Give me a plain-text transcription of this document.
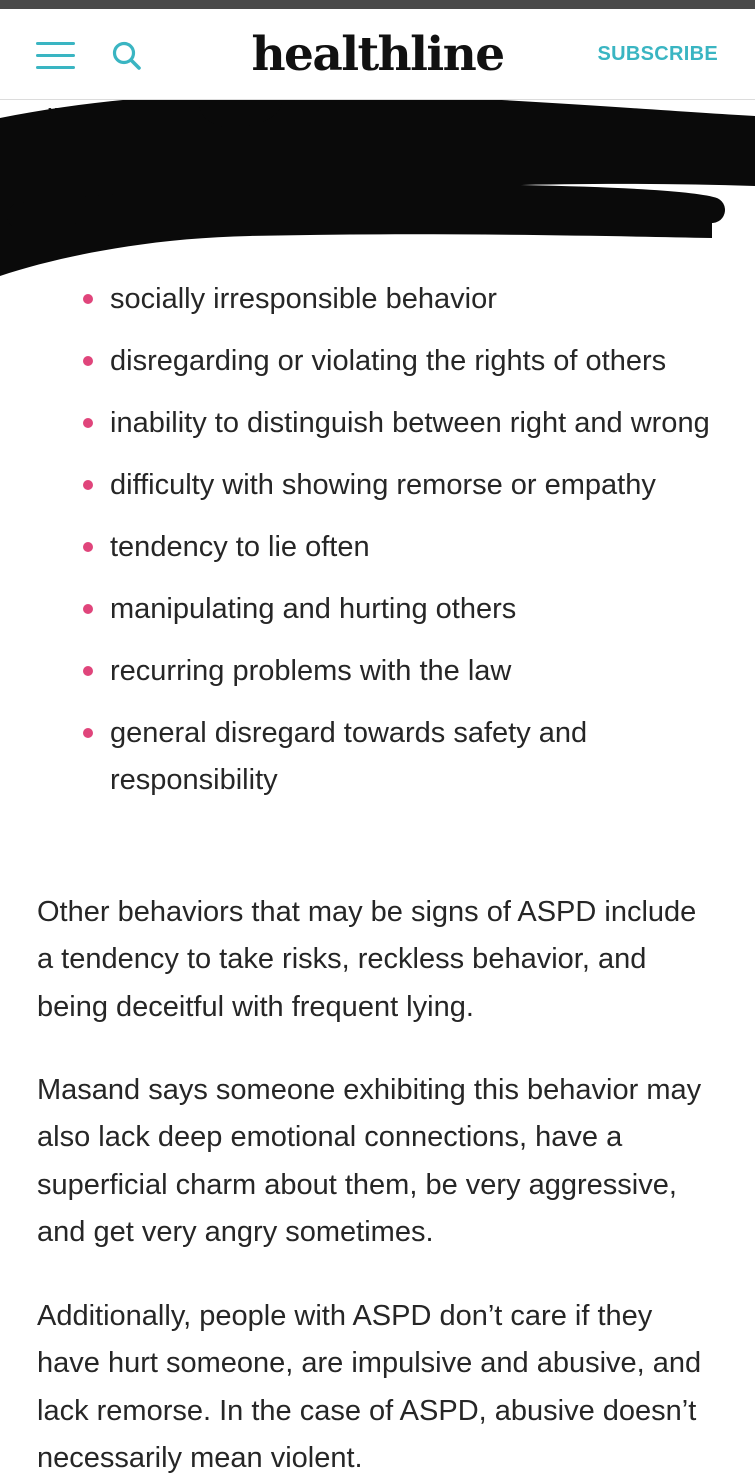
healthline	SUBSCRIBE
socially irresponsible behavior
disregarding or violating the rights of others
inability to distinguish between right and wrong
difficulty with showing remorse or empathy
tendency to lie often
manipulating and hurting others
recurring problems with the law
general disregard towards safety and responsibility

Other behaviors that may be signs of ASPD include a tendency to take risks, reckless behavior, and being deceitful with frequent lying.

Masand says someone exhibiting this behavior may also lack deep emotional connections, have a superficial charm about them, be very aggressive, and get very angry sometimes.

Additionally, people with ASPD don’t care if they have hurt someone, are impulsive and abusive, and lack remorse. In the case of ASPD, abusive doesn’t necessarily mean violent.
